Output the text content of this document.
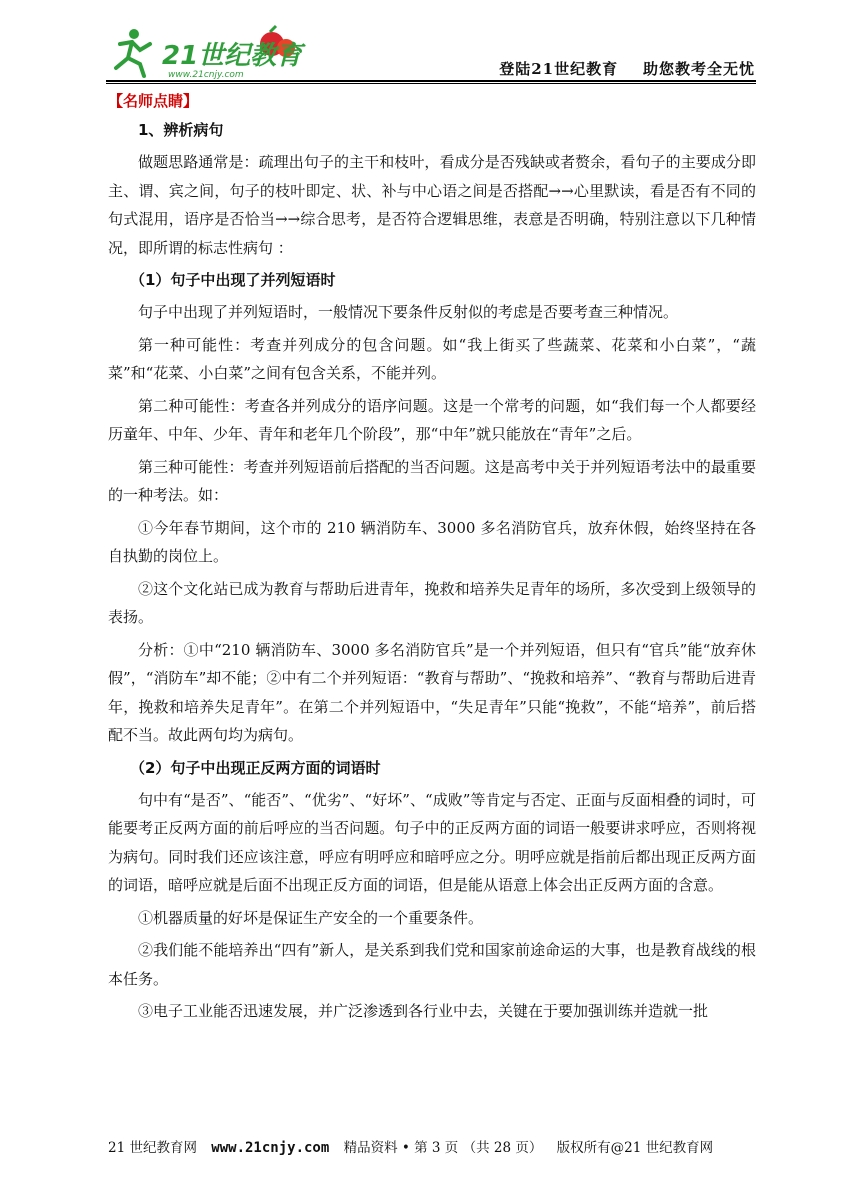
21世纪教育
www.21cnjy.com	登陆21世纪教育    助您教考全无忧
【名师点睛】
1、辨析病句

做题思路通常是：疏理出句子的主干和枝叶，看成分是否残缺或者赘余，看句子的主要成分即主、谓、宾之间，句子的枝叶即定、状、补与中心语之间是否搭配→→心里默读，看是否有不同的句式混用，语序是否恰当→→综合思考，是否符合逻辑思维，表意是否明确，特别注意以下几种情况，即所谓的标志性病句 ：

（1）句子中出现了并列短语时

句子中出现了并列短语时，一般情况下要条件反射似的考虑是否要考查三种情况。

第一种可能性：考查并列成分的包含问题。如“我上街买了些蔬菜、花菜和小白菜”，“蔬菜”和“花菜、小白菜”之间有包含关系，不能并列。

第二种可能性：考查各并列成分的语序问题。这是一个常考的问题，如“我们每一个人都要经历童年、中年、少年、青年和老年几个阶段”，那“中年”就只能放在“青年”之后。

第三种可能性：考查并列短语前后搭配的当否问题。这是高考中关于并列短语考法中的最重要的一种考法。如：

①今年春节期间，这个市的 210 辆消防车、3000 多名消防官兵，放弃休假，始终坚持在各自执勤的岗位上。

②这个文化站已成为教育与帮助后进青年，挽救和培养失足青年的场所，多次受到上级领导的表扬。

分析：①中“210 辆消防车、3000 多名消防官兵”是一个并列短语，但只有“官兵”能“放弃休假”，“消防车”却不能；②中有二个并列短语：“教育与帮助”、“挽救和培养”、“教育与帮助后进青年，挽救和培养失足青年”。在第二个并列短语中，“失足青年”只能“挽救”，不能“培养”，前后搭配不当。故此两句均为病句。

（2）句子中出现正反两方面的词语时

句中有“是否”、“能否”、“优劣”、“好坏”、“成败”等肯定与否定、正面与反面相叠的词时，可能要考正反两方面的前后呼应的当否问题。句子中的正反两方面的词语一般要讲求呼应，否则将视为病句。同时我们还应该注意，呼应有明呼应和暗呼应之分。明呼应就是指前后都出现正反两方面的词语，暗呼应就是后面不出现正反方面的词语，但是能从语意上体会出正反两方面的含意。

①机器质量的好坏是保证生产安全的一个重要条件。

②我们能不能培养出“四有”新人，是关系到我们党和国家前途命运的大事，也是教育战线的根本任务。

③电子工业能否迅速发展，并广泛渗透到各行业中去，关键在于要加强训练并造就一批

21 世纪教育网 www.21cnjy.com 精品资料 • 第 3 页 （共 28 页） 版权所有@21 世纪教育网
